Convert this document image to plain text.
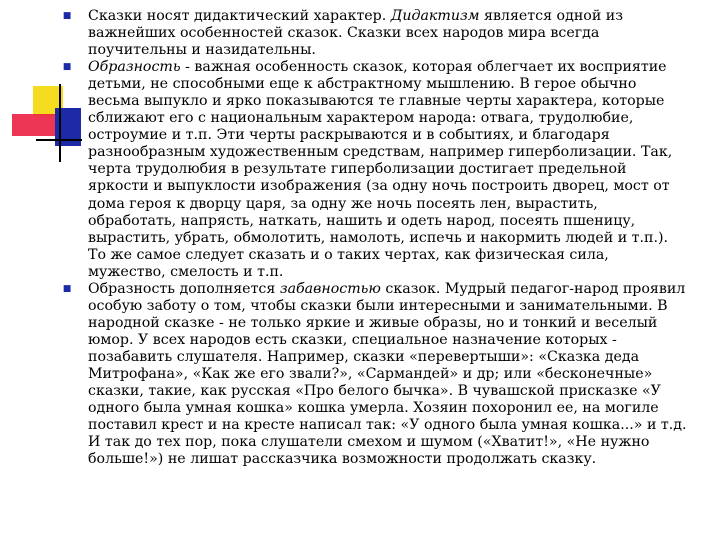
■ Сказки носят дидактический характер. Дидактизм является одной из важнейших особенностей сказок. Сказки всех народов мира всегда поучительны и назидательны.

■ Образность - важная особенность сказок, которая облегчает их восприятие детьми, не способными еще к абстрактному мышлению. В герое обычно весьма выпукло и ярко показываются те главные черты характера, которые сближают его с национальным характером народа: отвага, трудолюбие, остроумие и т.п. Эти черты раскрываются и в событиях, и благодаря разнообразным художественным средствам, например гиперболизации. Так, черта трудолюбия в результате гиперболизации достигает предельной яркости и выпуклости изображения (за одну ночь построить дворец, мост от дома героя к дворцу царя, за одну же ночь посеять лен, вырастить, обработать, напрясть, наткать, нашить и одеть народ, посеять пшеницу, вырастить, убрать, обмолотить, намолоть, испечь и накормить людей и т.п.). То же самое следует сказать и о таких чертах, как физическая сила, мужество, смелость и т.п.

■ Образность дополняется забавностью сказок. Мудрый педагог-народ проявил особую заботу о том, чтобы сказки были интересными и занимательными. В народной сказке - не только яркие и живые образы, но и тонкий и веселый юмор. У всех народов есть сказки, специальное назначение которых - позабавить слушателя. Например, сказки «перевертыши»: «Сказка деда Митрофана», «Как же его звали?», «Сармандей» и др; или «бесконечные» сказки, такие, как русская «Про белого бычка». В чувашской присказке «У одного была умная кошка» кошка умерла. Хозяин похоронил ее, на могиле поставил крест и на кресте написал так: «У одного была умная кошка...» и т.д. И так до тех пор, пока слушатели смехом и шумом («Хватит!», «Не нужно больше!») не лишат рассказчика возможности продолжать сказку.
